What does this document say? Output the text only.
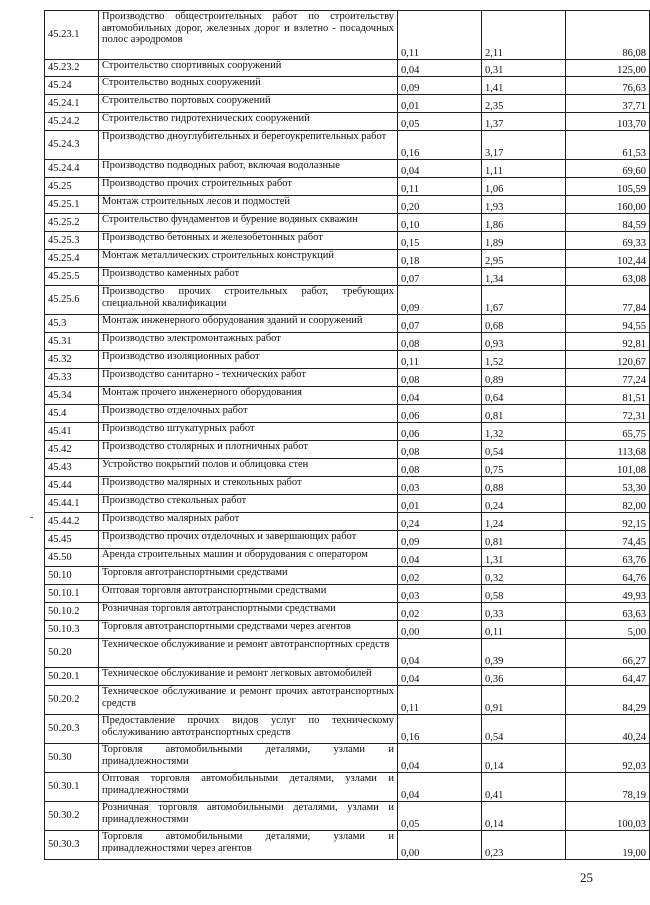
45.23.1	Производство общестроительных работ по строительству автомобильных дорог, железных дорог и взлетно - посадочных полос аэродромов	0,11	2,11	86,08
45.23.2	Строительство спортивных сооружений	0,04	0,31	125,00
45.24	Строительство водных сооружений	0,09	1,41	76,63
45.24.1	Строительство портовых сооружений	0,01	2,35	37,71
45.24.2	Строительство гидротехнических сооружений	0,05	1,37	103,70
45.24.3	Производство дноуглубительных и берегоукрепительных работ	0,16	3,17	61,53
45.24.4	Производство подводных работ, включая водолазные	0,04	1,11	69,60
45.25	Производство прочих строительных работ	0,11	1,06	105,59
45.25.1	Монтаж строительных лесов и подмостей	0,20	1,93	160,00
45.25.2	Строительство фундаментов и бурение водяных скважин	0,10	1,86	84,59
45.25.3	Производство бетонных и железобетонных работ	0,15	1,89	69,33
45.25.4	Монтаж металлических строительных конструкций	0,18	2,95	102,44
45.25.5	Производство каменных работ	0,07	1,34	63,08
45.25.6	Производство прочих строительных работ, требующих специальной квалификации	0,09	1,67	77,84
45.3	Монтаж инженерного оборудования зданий и сооружений	0,07	0,68	94,55
45.31	Производство электромонтажных работ	0,08	0,93	92,81
45.32	Производство изоляционных работ	0,11	1,52	120,67
45.33	Производство санитарно - технических работ	0,08	0,89	77,24
45.34	Монтаж прочего инженерного оборудования	0,04	0,64	81,51
45.4	Производство отделочных работ	0,06	0,81	72,31
45.41	Производство штукатурных работ	0,06	1,32	65,75
45.42	Производство столярных и плотничных работ	0,08	0,54	113,68
45.43	Устройство покрытий полов и облицовка стен	0,08	0,75	101,08
45.44	Производство малярных и стекольных работ	0,03	0,88	53,30
45.44.1	Производство стекольных работ	0,01	0,24	82,00
45.44.2	Производство малярных работ	0,24	1,24	92,15
45.45	Производство прочих отделочных и завершающих работ	0,09	0,81	74,45
45.50	Аренда строительных машин и оборудования с оператором	0,04	1,31	63,76
50.10	Торговля автотранспортными средствами	0,02	0,32	64,76
50.10.1	Оптовая торговля автотранспортными средствами	0,03	0,58	49,93
50.10.2	Розничная торговля автотранспортными средствами	0,02	0,33	63,63
50.10.3	Торговля автотранспортными средствами через агентов	0,00	0,11	5,00
50.20	Техническое обслуживание и ремонт автотранспортных средств	0,04	0,39	66,27
50.20.1	Техническое обслуживание и ремонт легковых автомобилей	0,04	0,36	64,47
50.20.2	Техническое обслуживание и ремонт прочих автотранспортных средств	0,11	0,91	84,29
50.20.3	Предоставление прочих видов услуг по техническому обслуживанию автотранспортных средств	0,16	0,54	40,24
50.30	Торговля автомобильными деталями, узлами и принадлежностями	0,04	0,14	92,03
50.30.1	Оптовая торговля автомобильными деталями, узлами и принадлежностями	0,04	0,41	78,19
50.30.2	Розничная торговля автомобильными деталями, узлами и принадлежностями	0,05	0,14	100,03
50.30.3	Торговля автомобильными деталями, узлами и принадлежностями через агентов	0,00	0,23	19,00
-
25
